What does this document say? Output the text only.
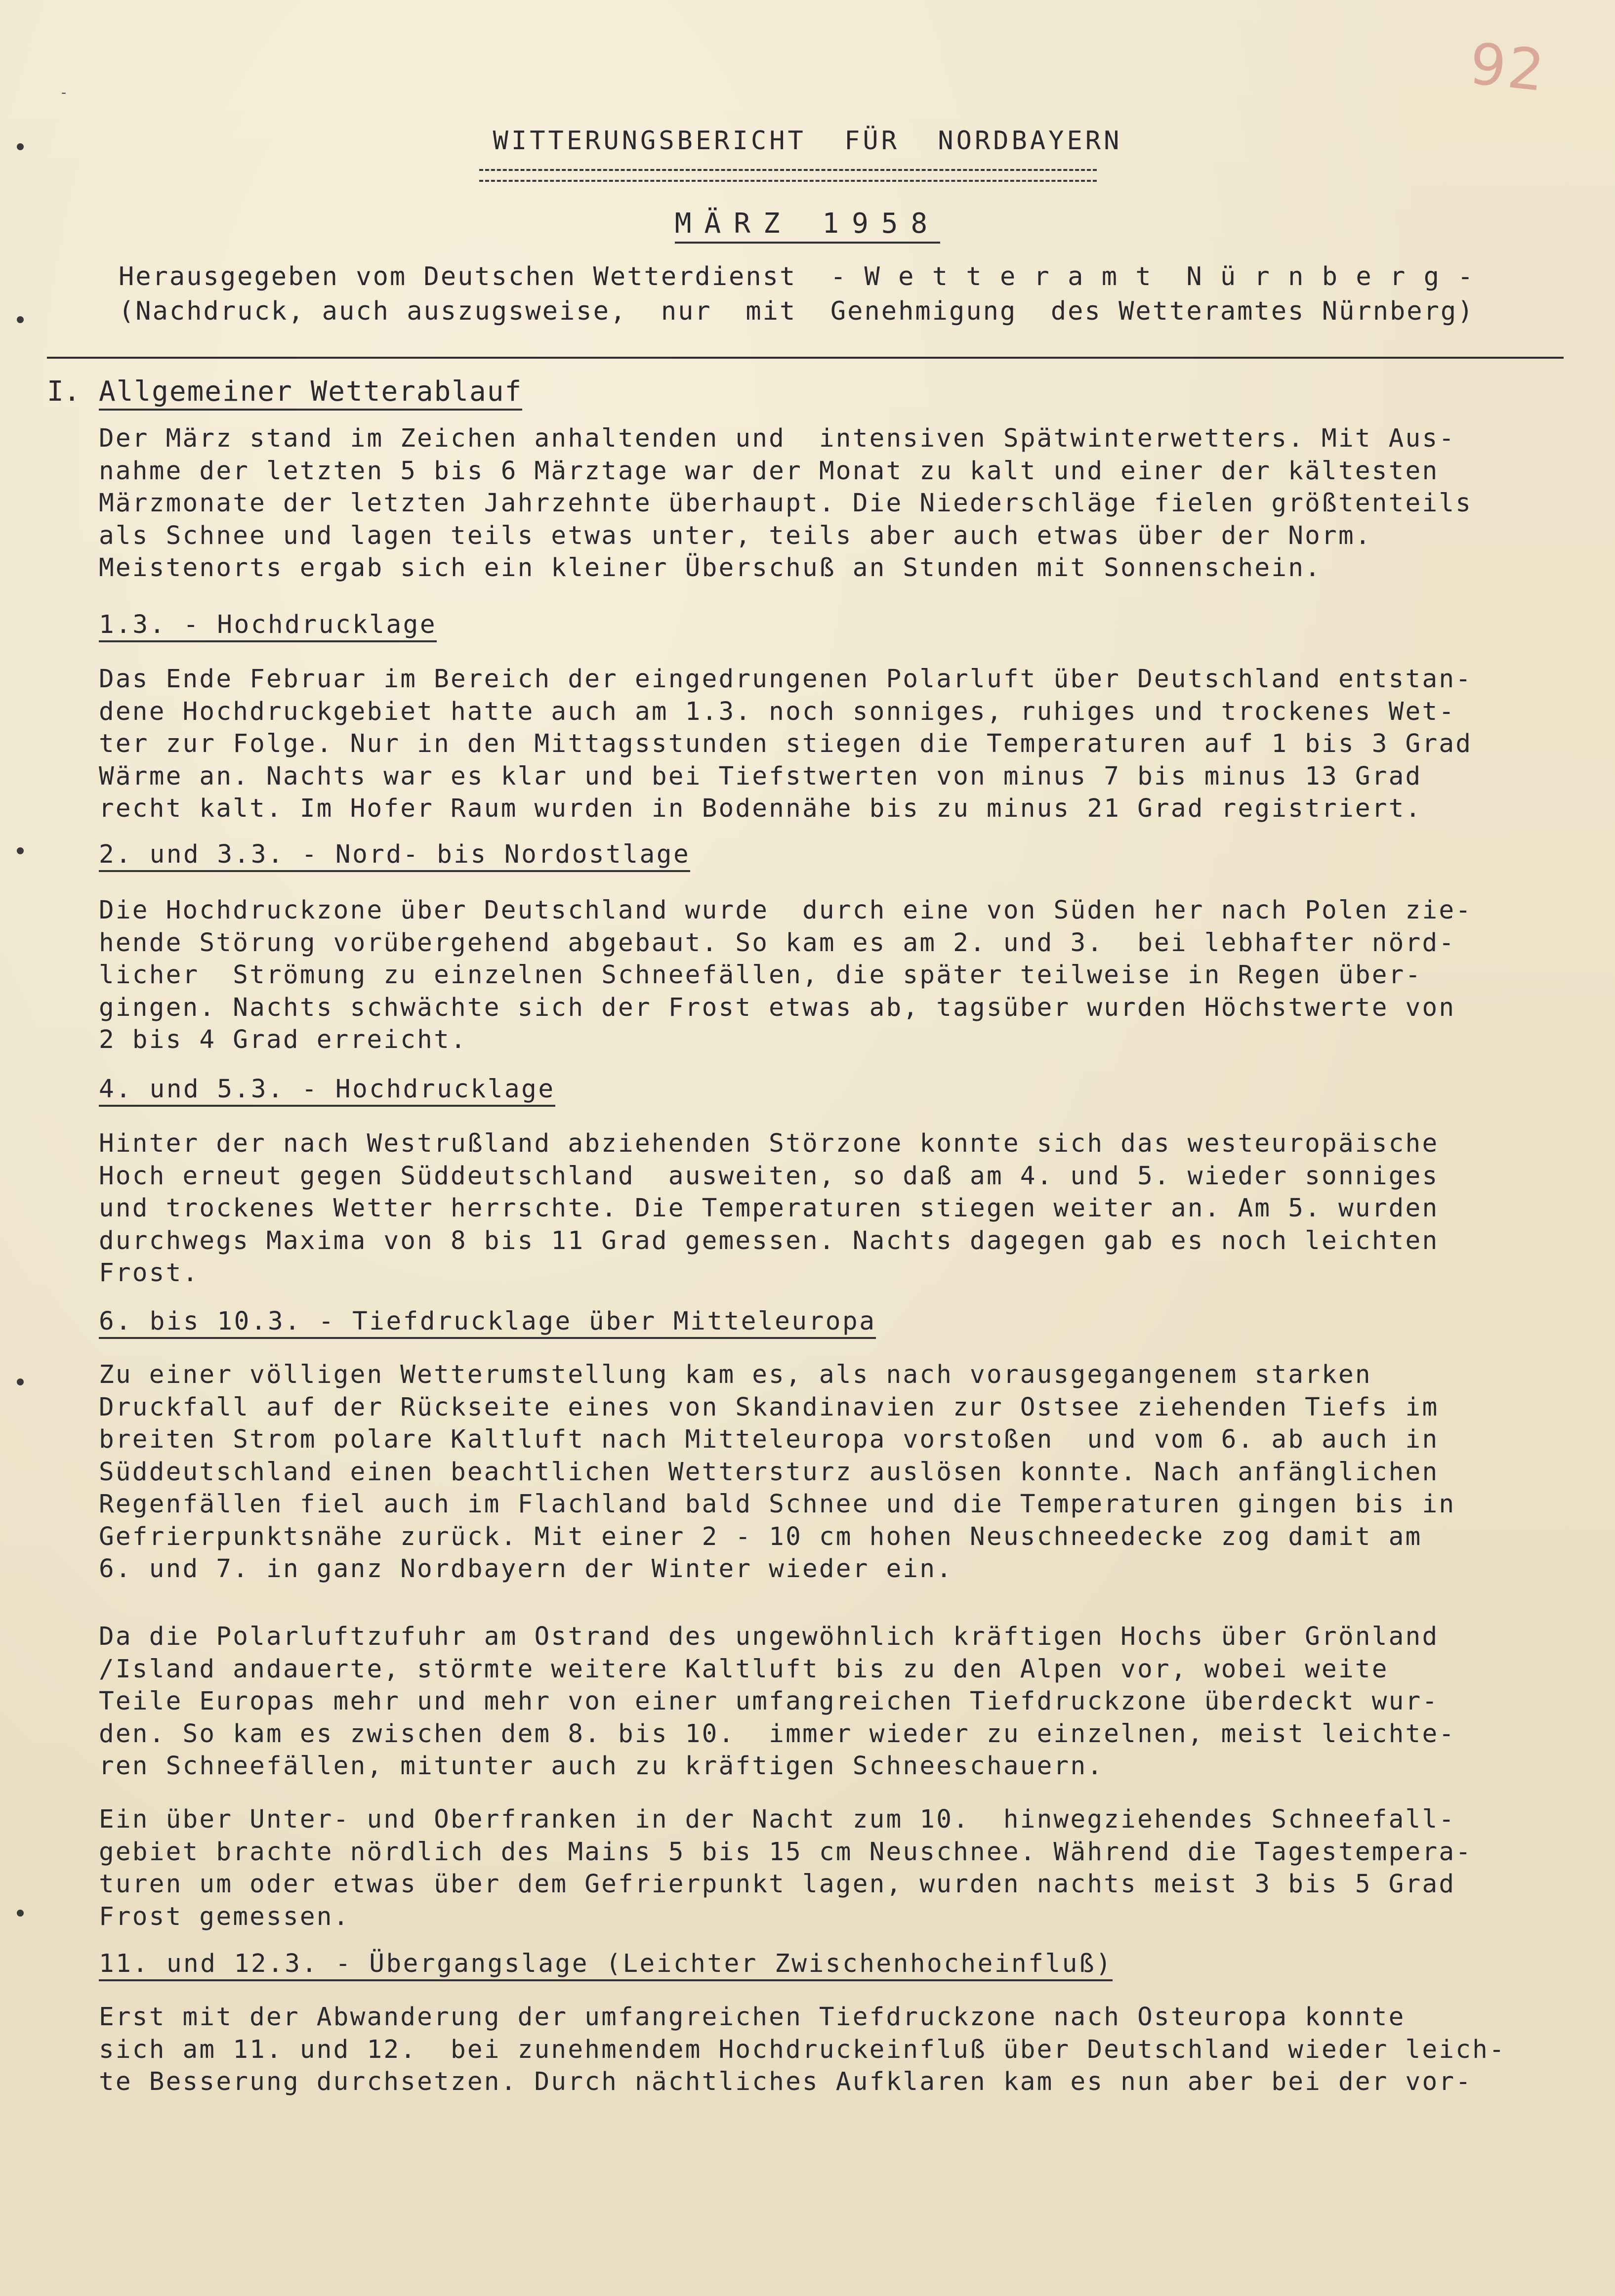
92
-
WITTERUNGSBERICHT FÜR NORDBAYERN
MÄRZ 1958
Herausgegeben vom Deutschen Wetterdienst  - W e t t e r a m t  N ü r n b e r g -
(Nachdruck, auch auszugsweise,  nur  mit  Genehmigung  des Wetteramtes Nürnberg)
I. Allgemeiner Wetterablauf
Der März stand im Zeichen anhaltenden und  intensiven Spätwinterwetters. Mit Aus-
nahme der letzten 5 bis 6 Märztage war der Monat zu kalt und einer der kältesten
Märzmonate der letzten Jahrzehnte überhaupt. Die Niederschläge fielen größtenteils
als Schnee und lagen teils etwas unter, teils aber auch etwas über der Norm.
Meistenorts ergab sich ein kleiner Überschuß an Stunden mit Sonnenschein.
1.3. - Hochdrucklage
Das Ende Februar im Bereich der eingedrungenen Polarluft über Deutschland entstan-
dene Hochdruckgebiet hatte auch am 1.3. noch sonniges, ruhiges und trockenes Wet-
ter zur Folge. Nur in den Mittagsstunden stiegen die Temperaturen auf 1 bis 3 Grad
Wärme an. Nachts war es klar und bei Tiefstwerten von minus 7 bis minus 13 Grad
recht kalt. Im Hofer Raum wurden in Bodennähe bis zu minus 21 Grad registriert.
2. und 3.3. - Nord- bis Nordostlage
Die Hochdruckzone über Deutschland wurde  durch eine von Süden her nach Polen zie-
hende Störung vorübergehend abgebaut. So kam es am 2. und 3.  bei lebhafter nörd-
licher  Strömung zu einzelnen Schneefällen, die später teilweise in Regen über-
gingen. Nachts schwächte sich der Frost etwas ab, tagsüber wurden Höchstwerte von
2 bis 4 Grad erreicht.
4. und 5.3. - Hochdrucklage
Hinter der nach Westrußland abziehenden Störzone konnte sich das westeuropäische
Hoch erneut gegen Süddeutschland  ausweiten, so daß am 4. und 5. wieder sonniges
und trockenes Wetter herrschte. Die Temperaturen stiegen weiter an. Am 5. wurden
durchwegs Maxima von 8 bis 11 Grad gemessen. Nachts dagegen gab es noch leichten
Frost.
6. bis 10.3. - Tiefdrucklage über Mitteleuropa
Zu einer völligen Wetterumstellung kam es, als nach vorausgegangenem starken
Druckfall auf der Rückseite eines von Skandinavien zur Ostsee ziehenden Tiefs im
breiten Strom polare Kaltluft nach Mitteleuropa vorstoßen  und vom 6. ab auch in
Süddeutschland einen beachtlichen Wettersturz auslösen konnte. Nach anfänglichen
Regenfällen fiel auch im Flachland bald Schnee und die Temperaturen gingen bis in
Gefrierpunktsnähe zurück. Mit einer 2 - 10 cm hohen Neuschneedecke zog damit am
6. und 7. in ganz Nordbayern der Winter wieder ein.
Da die Polarluftzufuhr am Ostrand des ungewöhnlich kräftigen Hochs über Grönland
/Island andauerte, störmte weitere Kaltluft bis zu den Alpen vor, wobei weite
Teile Europas mehr und mehr von einer umfangreichen Tiefdruckzone überdeckt wur-
den. So kam es zwischen dem 8. bis 10.  immer wieder zu einzelnen, meist leichte-
ren Schneefällen, mitunter auch zu kräftigen Schneeschauern.
Ein über Unter- und Oberfranken in der Nacht zum 10.  hinwegziehendes Schneefall-
gebiet brachte nördlich des Mains 5 bis 15 cm Neuschnee. Während die Tagestempera-
turen um oder etwas über dem Gefrierpunkt lagen, wurden nachts meist 3 bis 5 Grad
Frost gemessen.
11. und 12.3. - Übergangslage (Leichter Zwischenhocheinfluß)
Erst mit der Abwanderung der umfangreichen Tiefdruckzone nach Osteuropa konnte
sich am 11. und 12.  bei zunehmendem Hochdruckeinfluß über Deutschland wieder leich-
te Besserung durchsetzen. Durch nächtliches Aufklaren kam es nun aber bei der vor-
